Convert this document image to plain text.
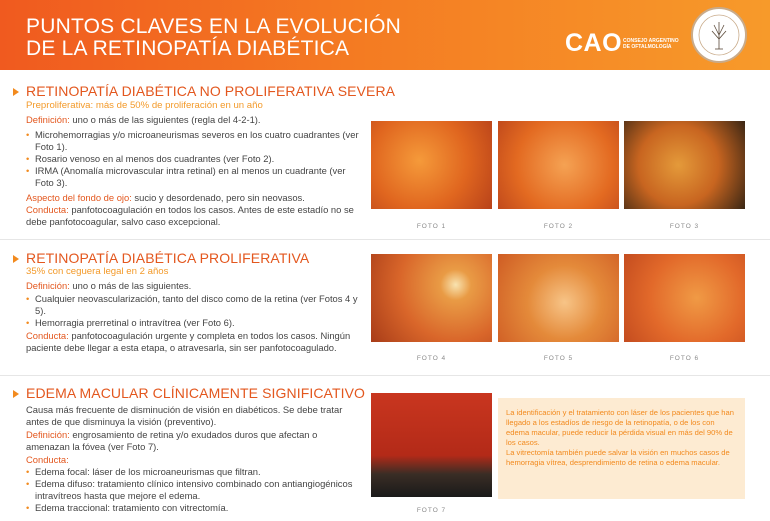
PUNTOS CLAVES EN LA EVOLUCIÓN
DE LA RETINOPATÍA DIABÉTICA	CAO CONSEJO ARGENTINO
DE OFTALMOLOGÍA
RETINOPATÍA DIABÉTICA NO PROLIFERATIVA SEVERA
Preproliferativa: más de 50% de proliferación en un año

Definición: uno o más de las siguientes (regla del 4-2-1).

• Microhemorragias y/o microaneurismas severos en los cuatro cuadrantes (ver Foto 1).
• Rosario venoso en al menos dos cuadrantes (ver Foto 2).
• IRMA (Anomalía microvascular intra retinal) en al menos un cuadrante (ver Foto 3).

Aspecto del fondo de ojo: sucio y desordenado, pero sin neovasos.

Conducta: panfotocoagulación en todos los casos. Antes de este estadío no se debe panfotocoagular, salvo caso excepcional.	FOTO 1	FOTO 2	FOTO 3
RETINOPATÍA DIABÉTICA PROLIFERATIVA
35% con ceguera legal en 2 años

Definición: uno o más de las siguientes.

• Cualquier neovascularización, tanto del disco como de la retina (ver Fotos 4 y 5).
• Hemorragia prerretinal o intravítrea (ver Foto 6).

Conducta: panfotocoagulación urgente y completa en todos los casos. Ningún paciente debe llegar a esta etapa, o atravesarla, sin ser panfotocoagulado.

FOTO 4	FOTO 5	FOTO 6
EDEMA MACULAR CLÍNICAMENTE SIGNIFICATIVO

Causa más frecuente de disminución de visión en diabéticos. Se debe tratar antes de que disminuya la visión (preventivo).

Definición: engrosamiento de retina y/o exudados duros que afectan o amenazan la fóvea (ver Foto 7).

Conducta:

• Edema focal: láser de los microaneurismas que filtran.
• Edema difuso: tratamiento clínico intensivo combinado con antiangiogénicos intravítreos hasta que mejore el edema.
• Edema traccional: tratamiento con vitrectomía.	FOTO 7

La identificación y el tratamiento con láser de los pacientes que han llegado a los estadíos de riesgo de la retinopatía, o de los con edema macular, puede reducir la pérdida visual en más del 90% de los casos.

La vitrectomía también puede salvar la visión en muchos casos de hemorragia vítrea, desprendimiento de retina o edema macular.
